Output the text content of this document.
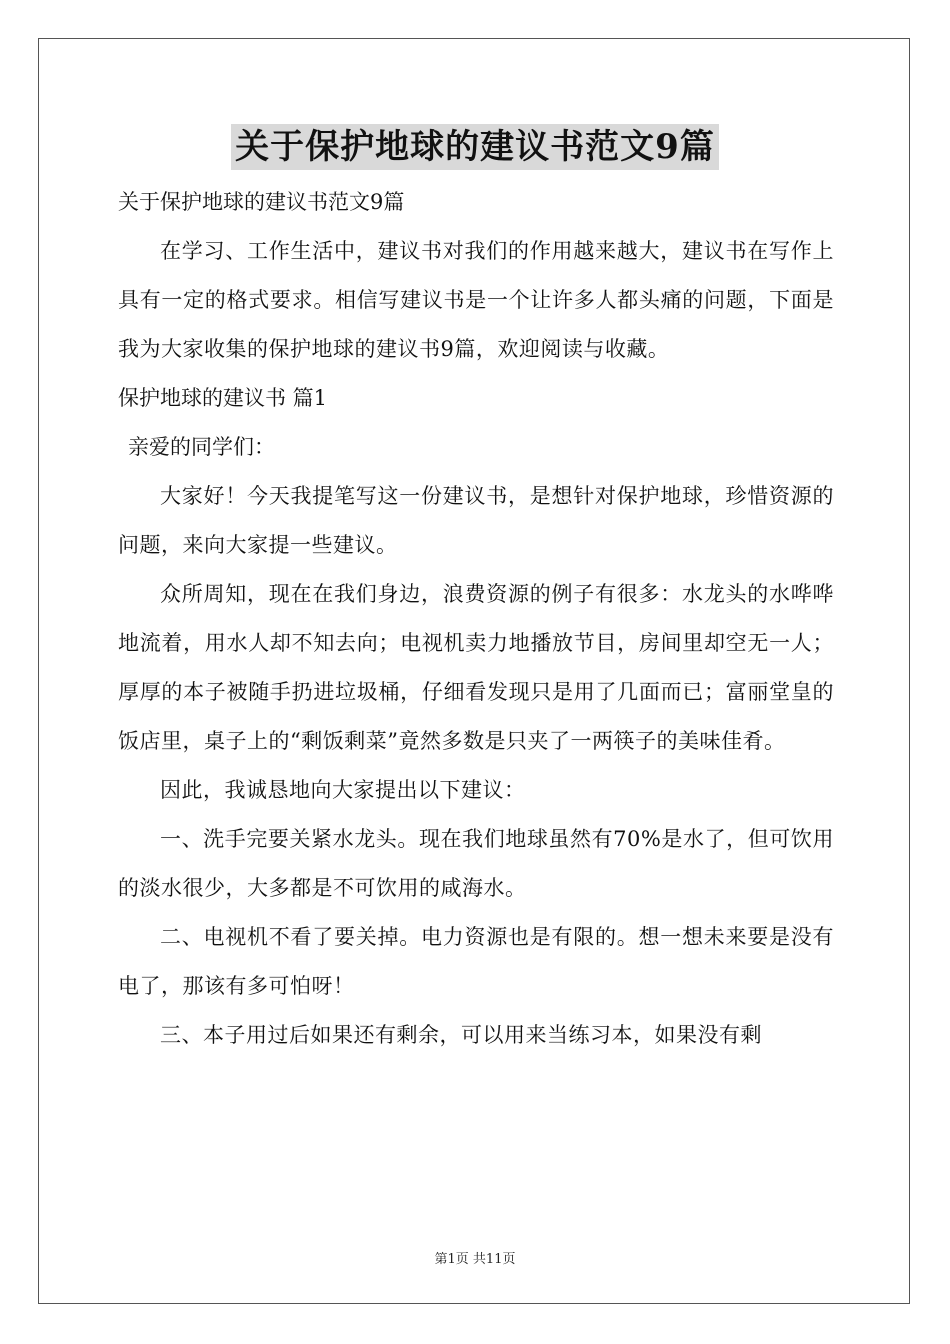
关于保护地球的建议书范文9篇

关于保护地球的建议书范文9篇

在学习、工作生活中，建议书对我们的作用越来越大，建议书在写作上具有一定的格式要求。相信写建议书是一个让许多人都头痛的问题，下面是我为大家收集的保护地球的建议书9篇，欢迎阅读与收藏。

保护地球的建议书 篇1

亲爱的同学们：

大家好！今天我提笔写这一份建议书，是想针对保护地球，珍惜资源的问题，来向大家提一些建议。

众所周知，现在在我们身边，浪费资源的例子有很多：水龙头的水哗哗地流着，用水人却不知去向；电视机卖力地播放节目，房间里却空无一人；厚厚的本子被随手扔进垃圾桶，仔细看发现只是用了几面而已；富丽堂皇的饭店里，桌子上的“剩饭剩菜”竟然多数是只夹了一两筷子的美味佳肴。

因此，我诚恳地向大家提出以下建议：

一、洗手完要关紧水龙头。现在我们地球虽然有70%是水了，但可饮用的淡水很少，大多都是不可饮用的咸海水。

二、电视机不看了要关掉。电力资源也是有限的。想一想未来要是没有电了，那该有多可怕呀！

三、本子用过后如果还有剩余，可以用来当练习本，如果没有剩

第1页 共11页
